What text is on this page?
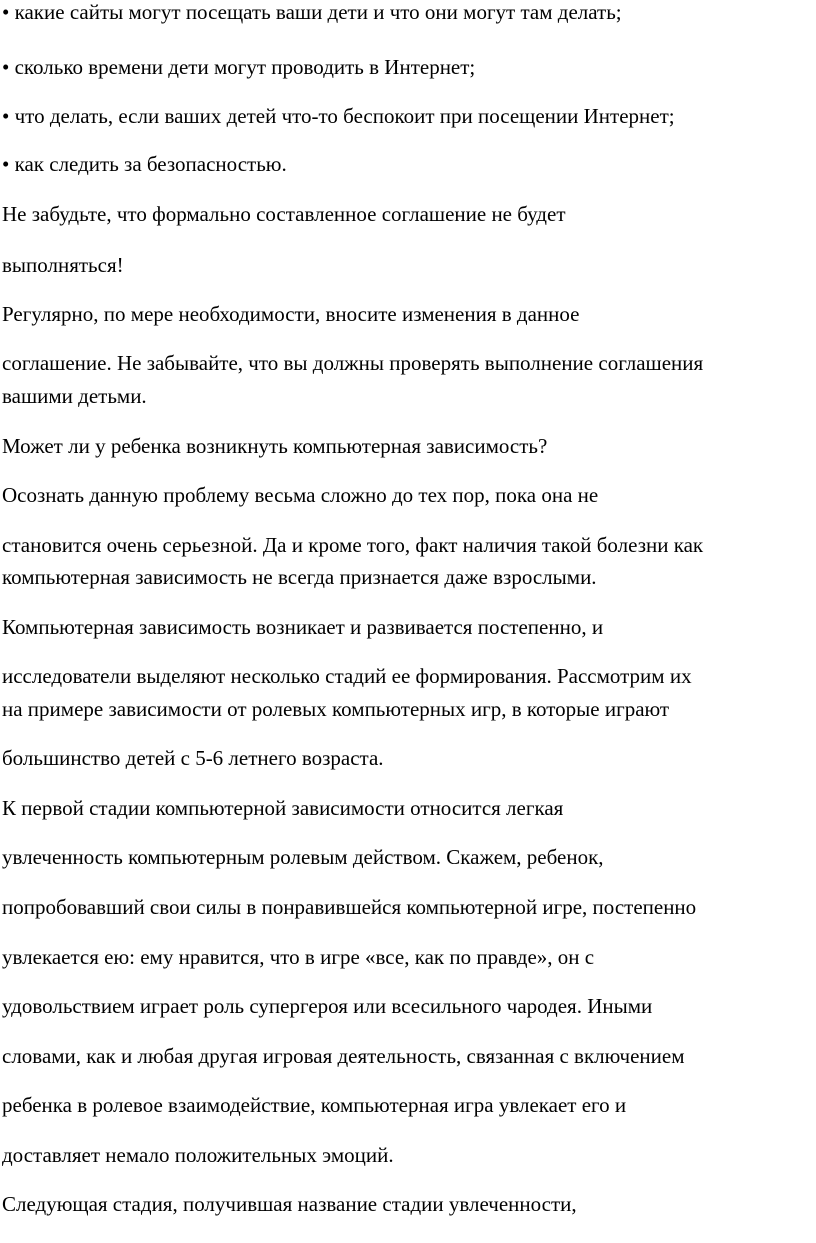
• какие сайты могут посещать ваши дети и что они могут там делать;
• сколько времени дети могут проводить в Интернет;
• что делать, если ваших детей что-то беспокоит при посещении Интернет;
• как следить за безопасностью.
Не забудьте, что формально составленное соглашение не будет
выполняться!
Регулярно, по мере необходимости, вносите изменения в данное
соглашение. Не забывайте, что вы должны проверять выполнение соглашения
вашими детьми.
Может ли у ребенка возникнуть компьютерная зависимость?
Осознать данную проблему весьма сложно до тех пор, пока она не
становится очень серьезной. Да и кроме того, факт наличия такой болезни как
компьютерная зависимость не всегда признается даже взрослыми.
Компьютерная зависимость возникает и развивается постепенно, и
исследователи выделяют несколько стадий ее формирования. Рассмотрим их
на примере зависимости от ролевых компьютерных игр, в которые играют
большинство детей с 5-6 летнего возраста.
К первой стадии компьютерной зависимости относится легкая
увлеченность компьютерным ролевым действом. Скажем, ребенок,
попробовавший свои силы в понравившейся компьютерной игре, постепенно
увлекается ею: ему нравится, что в игре «все, как по правде», он с
удовольствием играет роль супергероя или всесильного чародея. Иными
словами, как и любая другая игровая деятельность, связанная с включением
ребенка в ролевое взаимодействие, компьютерная игра увлекает его и
доставляет немало положительных эмоций.
Следующая стадия, получившая название стадии увлеченности,
